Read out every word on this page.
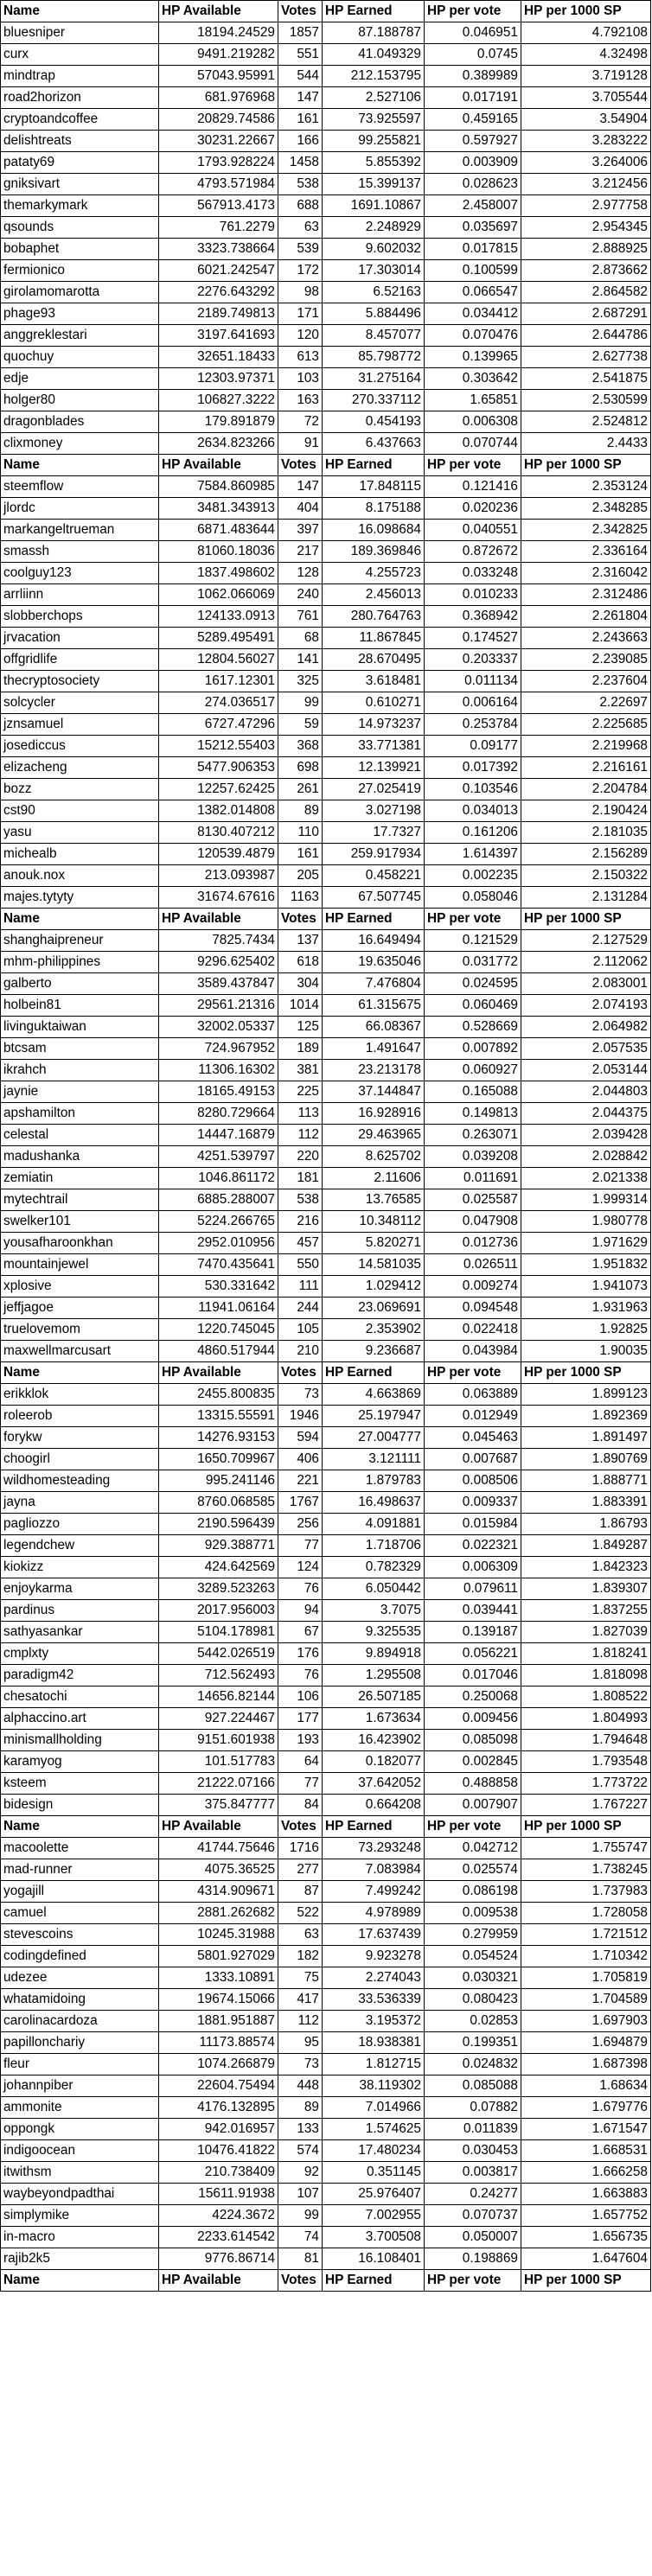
Name	HP Available	Votes	HP Earned	HP per vote	HP per 1000 SP
bluesniper	18194.24529	1857	87.188787	0.046951	4.792108
curx	9491.219282	551	41.049329	0.0745	4.32498
mindtrap	57043.95991	544	212.153795	0.389989	3.719128
road2horizon	681.976968	147	2.527106	0.017191	3.705544
cryptoandcoffee	20829.74586	161	73.925597	0.459165	3.54904
delishtreats	30231.22667	166	99.255821	0.597927	3.283222
pataty69	1793.928224	1458	5.855392	0.003909	3.264006
gniksivart	4793.571984	538	15.399137	0.028623	3.212456
themarkymark	567913.4173	688	1691.10867	2.458007	2.977758
qsounds	761.2279	63	2.248929	0.035697	2.954345
bobaphet	3323.738664	539	9.602032	0.017815	2.888925
fermionico	6021.242547	172	17.303014	0.100599	2.873662
girolamomarotta	2276.643292	98	6.52163	0.066547	2.864582
phage93	2189.749813	171	5.884496	0.034412	2.687291
anggreklestari	3197.641693	120	8.457077	0.070476	2.644786
quochuy	32651.18433	613	85.798772	0.139965	2.627738
edje	12303.97371	103	31.275164	0.303642	2.541875
holger80	106827.3222	163	270.337112	1.65851	2.530599
dragonblades	179.891879	72	0.454193	0.006308	2.524812
clixmoney	2634.823266	91	6.437663	0.070744	2.4433
Name	HP Available	Votes	HP Earned	HP per vote	HP per 1000 SP
steemflow	7584.860985	147	17.848115	0.121416	2.353124
jlordc	3481.343913	404	8.175188	0.020236	2.348285
markangeltrueman	6871.483644	397	16.098684	0.040551	2.342825
smassh	81060.18036	217	189.369846	0.872672	2.336164
coolguy123	1837.498602	128	4.255723	0.033248	2.316042
arrliinn	1062.066069	240	2.456013	0.010233	2.312486
slobberchops	124133.0913	761	280.764763	0.368942	2.261804
jrvacation	5289.495491	68	11.867845	0.174527	2.243663
offgridlife	12804.56027	141	28.670495	0.203337	2.239085
thecryptosociety	1617.12301	325	3.618481	0.011134	2.237604
solcycler	274.036517	99	0.610271	0.006164	2.22697
jznsamuel	6727.47296	59	14.973237	0.253784	2.225685
josediccus	15212.55403	368	33.771381	0.09177	2.219968
elizacheng	5477.906353	698	12.139921	0.017392	2.216161
bozz	12257.62425	261	27.025419	0.103546	2.204784
cst90	1382.014808	89	3.027198	0.034013	2.190424
yasu	8130.407212	110	17.7327	0.161206	2.181035
michealb	120539.4879	161	259.917934	1.614397	2.156289
anouk.nox	213.093987	205	0.458221	0.002235	2.150322
majes.tytyty	31674.67616	1163	67.507745	0.058046	2.131284
Name	HP Available	Votes	HP Earned	HP per vote	HP per 1000 SP
shanghaipreneur	7825.7434	137	16.649494	0.121529	2.127529
mhm-philippines	9296.625402	618	19.635046	0.031772	2.112062
galberto	3589.437847	304	7.476804	0.024595	2.083001
holbein81	29561.21316	1014	61.315675	0.060469	2.074193
livinguktaiwan	32002.05337	125	66.08367	0.528669	2.064982
btcsam	724.967952	189	1.491647	0.007892	2.057535
ikrahch	11306.16302	381	23.213178	0.060927	2.053144
jaynie	18165.49153	225	37.144847	0.165088	2.044803
apshamilton	8280.729664	113	16.928916	0.149813	2.044375
celestal	14447.16879	112	29.463965	0.263071	2.039428
madushanka	4251.539797	220	8.625702	0.039208	2.028842
zemiatin	1046.861172	181	2.11606	0.011691	2.021338
mytechtrail	6885.288007	538	13.76585	0.025587	1.999314
swelker101	5224.266765	216	10.348112	0.047908	1.980778
yousafharoonkhan	2952.010956	457	5.820271	0.012736	1.971629
mountainjewel	7470.435641	550	14.581035	0.026511	1.951832
xplosive	530.331642	111	1.029412	0.009274	1.941073
jeffjagoe	11941.06164	244	23.069691	0.094548	1.931963
truelovemom	1220.745045	105	2.353902	0.022418	1.92825
maxwellmarcusart	4860.517944	210	9.236687	0.043984	1.90035
Name	HP Available	Votes	HP Earned	HP per vote	HP per 1000 SP
erikklok	2455.800835	73	4.663869	0.063889	1.899123
roleerob	13315.55591	1946	25.197947	0.012949	1.892369
forykw	14276.93153	594	27.004777	0.045463	1.891497
choogirl	1650.709967	406	3.121111	0.007687	1.890769
wildhomesteading	995.241146	221	1.879783	0.008506	1.888771
jayna	8760.068585	1767	16.498637	0.009337	1.883391
pagliozzo	2190.596439	256	4.091881	0.015984	1.86793
legendchew	929.388771	77	1.718706	0.022321	1.849287
kiokizz	424.642569	124	0.782329	0.006309	1.842323
enjoykarma	3289.523263	76	6.050442	0.079611	1.839307
pardinus	2017.956003	94	3.7075	0.039441	1.837255
sathyasankar	5104.178981	67	9.325535	0.139187	1.827039
cmplxty	5442.026519	176	9.894918	0.056221	1.818241
paradigm42	712.562493	76	1.295508	0.017046	1.818098
chesatochi	14656.82144	106	26.507185	0.250068	1.808522
alphaccino.art	927.224467	177	1.673634	0.009456	1.804993
minismallholding	9151.601938	193	16.423902	0.085098	1.794648
karamyog	101.517783	64	0.182077	0.002845	1.793548
ksteem	21222.07166	77	37.642052	0.488858	1.773722
bidesign	375.847777	84	0.664208	0.007907	1.767227
Name	HP Available	Votes	HP Earned	HP per vote	HP per 1000 SP
macoolette	41744.75646	1716	73.293248	0.042712	1.755747
mad-runner	4075.36525	277	7.083984	0.025574	1.738245
yogajill	4314.909671	87	7.499242	0.086198	1.737983
camuel	2881.262682	522	4.978989	0.009538	1.728058
stevescoins	10245.31988	63	17.637439	0.279959	1.721512
codingdefined	5801.927029	182	9.923278	0.054524	1.710342
udezee	1333.10891	75	2.274043	0.030321	1.705819
whatamidoing	19674.15066	417	33.536339	0.080423	1.704589
carolinacardoza	1881.951887	112	3.195372	0.02853	1.697903
papillonchariy	11173.88574	95	18.938381	0.199351	1.694879
fleur	1074.266879	73	1.812715	0.024832	1.687398
johannpiber	22604.75494	448	38.119302	0.085088	1.68634
ammonite	4176.132895	89	7.014966	0.07882	1.679776
oppongk	942.016957	133	1.574625	0.011839	1.671547
indigoocean	10476.41822	574	17.480234	0.030453	1.668531
itwithsm	210.738409	92	0.351145	0.003817	1.666258
waybeyondpadthai	15611.91938	107	25.976407	0.24277	1.663883
simplymike	4224.3672	99	7.002955	0.070737	1.657752
in-macro	2233.614542	74	3.700508	0.050007	1.656735
rajib2k5	9776.86714	81	16.108401	0.198869	1.647604
Name	HP Available	Votes	HP Earned	HP per vote	HP per 1000 SP
